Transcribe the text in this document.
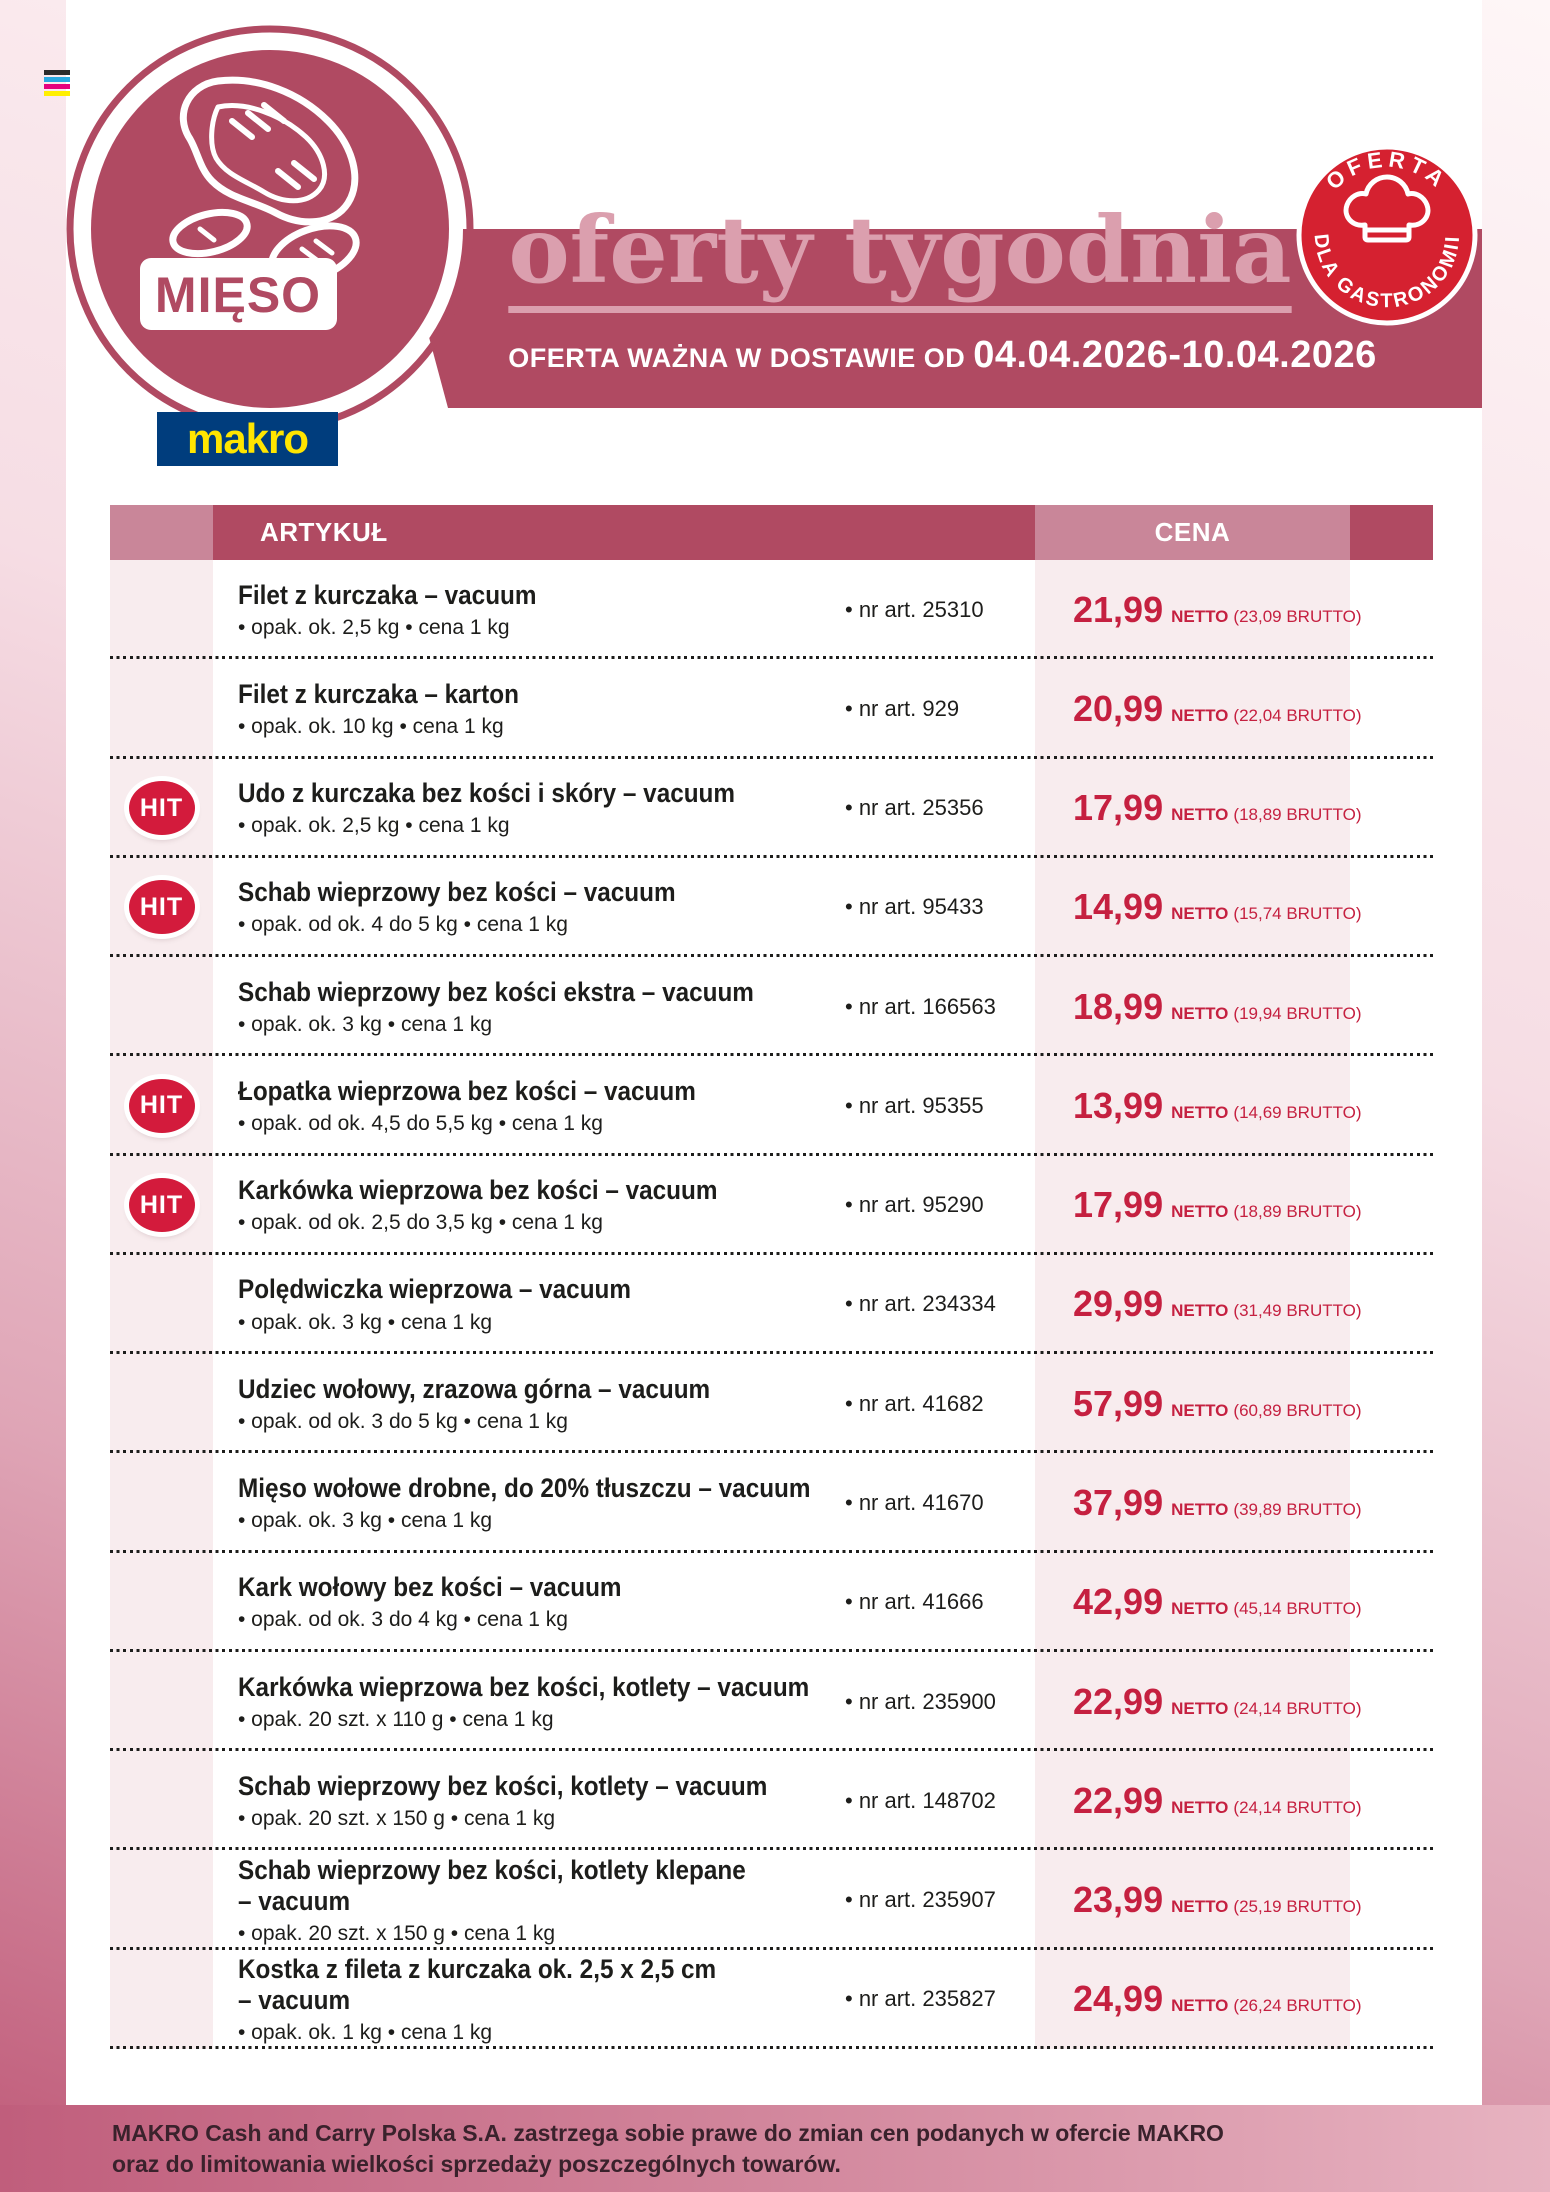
WYBRANE
oferty tygodnia
OFERTA WAŻNA W DOSTAWIE OD 04.04.2026-10.04.2026
OFERTA
DLA GASTRONOMII
MIĘSO
makro
ARTYKUŁ	CENA
Filet z kurczaka – vacuum
• opak. ok. 2,5 kg • cena 1 kg
• nr art. 25310 21,99 NETTO (23,09 BRUTTO)
Filet z kurczaka – karton
• opak. ok. 10 kg • cena 1 kg
• nr art. 929	20,99 NETTO (22,04 BRUTTO)
HIT	Udo z kurczaka bez kości i skóry – vacuum
• opak. ok. 2,5 kg • cena 1 kg
• nr art. 25356 17,99 NETTO (18,89 BRUTTO)
HIT	Schab wieprzowy bez kości – vacuum
• opak. od ok. 4 do 5 kg • cena 1 kg
• nr art. 95433 14,99 NETTO (15,74 BRUTTO)
Schab wieprzowy bez kości ekstra – vacuum
• opak. ok. 3 kg • cena 1 kg
• nr art. 166563 18,99 NETTO (19,94 BRUTTO)
HIT	Łopatka wieprzowa bez kości – vacuum
• opak. od ok. 4,5 do 5,5 kg • cena 1 kg
• nr art. 95355 13,99 NETTO (14,69 BRUTTO)
HIT	Karkówka wieprzowa bez kości – vacuum
• opak. od ok. 2,5 do 3,5 kg • cena 1 kg
• nr art. 95290 17,99 NETTO (18,89 BRUTTO)
Polędwiczka wieprzowa – vacuum
• opak. ok. 3 kg • cena 1 kg
• nr art. 234334 29,99 NETTO (31,49 BRUTTO)
Udziec wołowy, zrazowa górna – vacuum
• opak. od ok. 3 do 5 kg • cena 1 kg
• nr art. 41682 57,99 NETTO (60,89 BRUTTO)
Mięso wołowe drobne, do 20% tłuszczu – vacuum
• opak. ok. 3 kg • cena 1 kg
• nr art. 41670 37,99 NETTO (39,89 BRUTTO)
Kark wołowy bez kości – vacuum
• opak. od ok. 3 do 4 kg • cena 1 kg
• nr art. 41666 42,99 NETTO (45,14 BRUTTO)
Karkówka wieprzowa bez kości, kotlety – vacuum
• opak. 20 szt. x 110 g • cena 1 kg
• nr art. 235900 22,99 NETTO (24,14 BRUTTO)
Schab wieprzowy bez kości, kotlety – vacuum
• opak. 20 szt. x 150 g • cena 1 kg
• nr art. 148702 22,99 NETTO (24,14 BRUTTO)
Schab wieprzowy bez kości, kotlety klepane
– vacuum
• opak. 20 szt. x 150 g • cena 1 kg
• nr art. 235907 23,99 NETTO (25,19 BRUTTO)
Kostka z fileta z kurczaka ok. 2,5 x 2,5 cm
– vacuum
• opak. ok. 1 kg • cena 1 kg
• nr art. 235827 24,99 NETTO (26,24 BRUTTO)
MAKRO Cash and Carry Polska S.A. zastrzega sobie prawe do zmian cen podanych w ofercie MAKRO
oraz do limitowania wielkości sprzedaży poszczególnych towarów.
